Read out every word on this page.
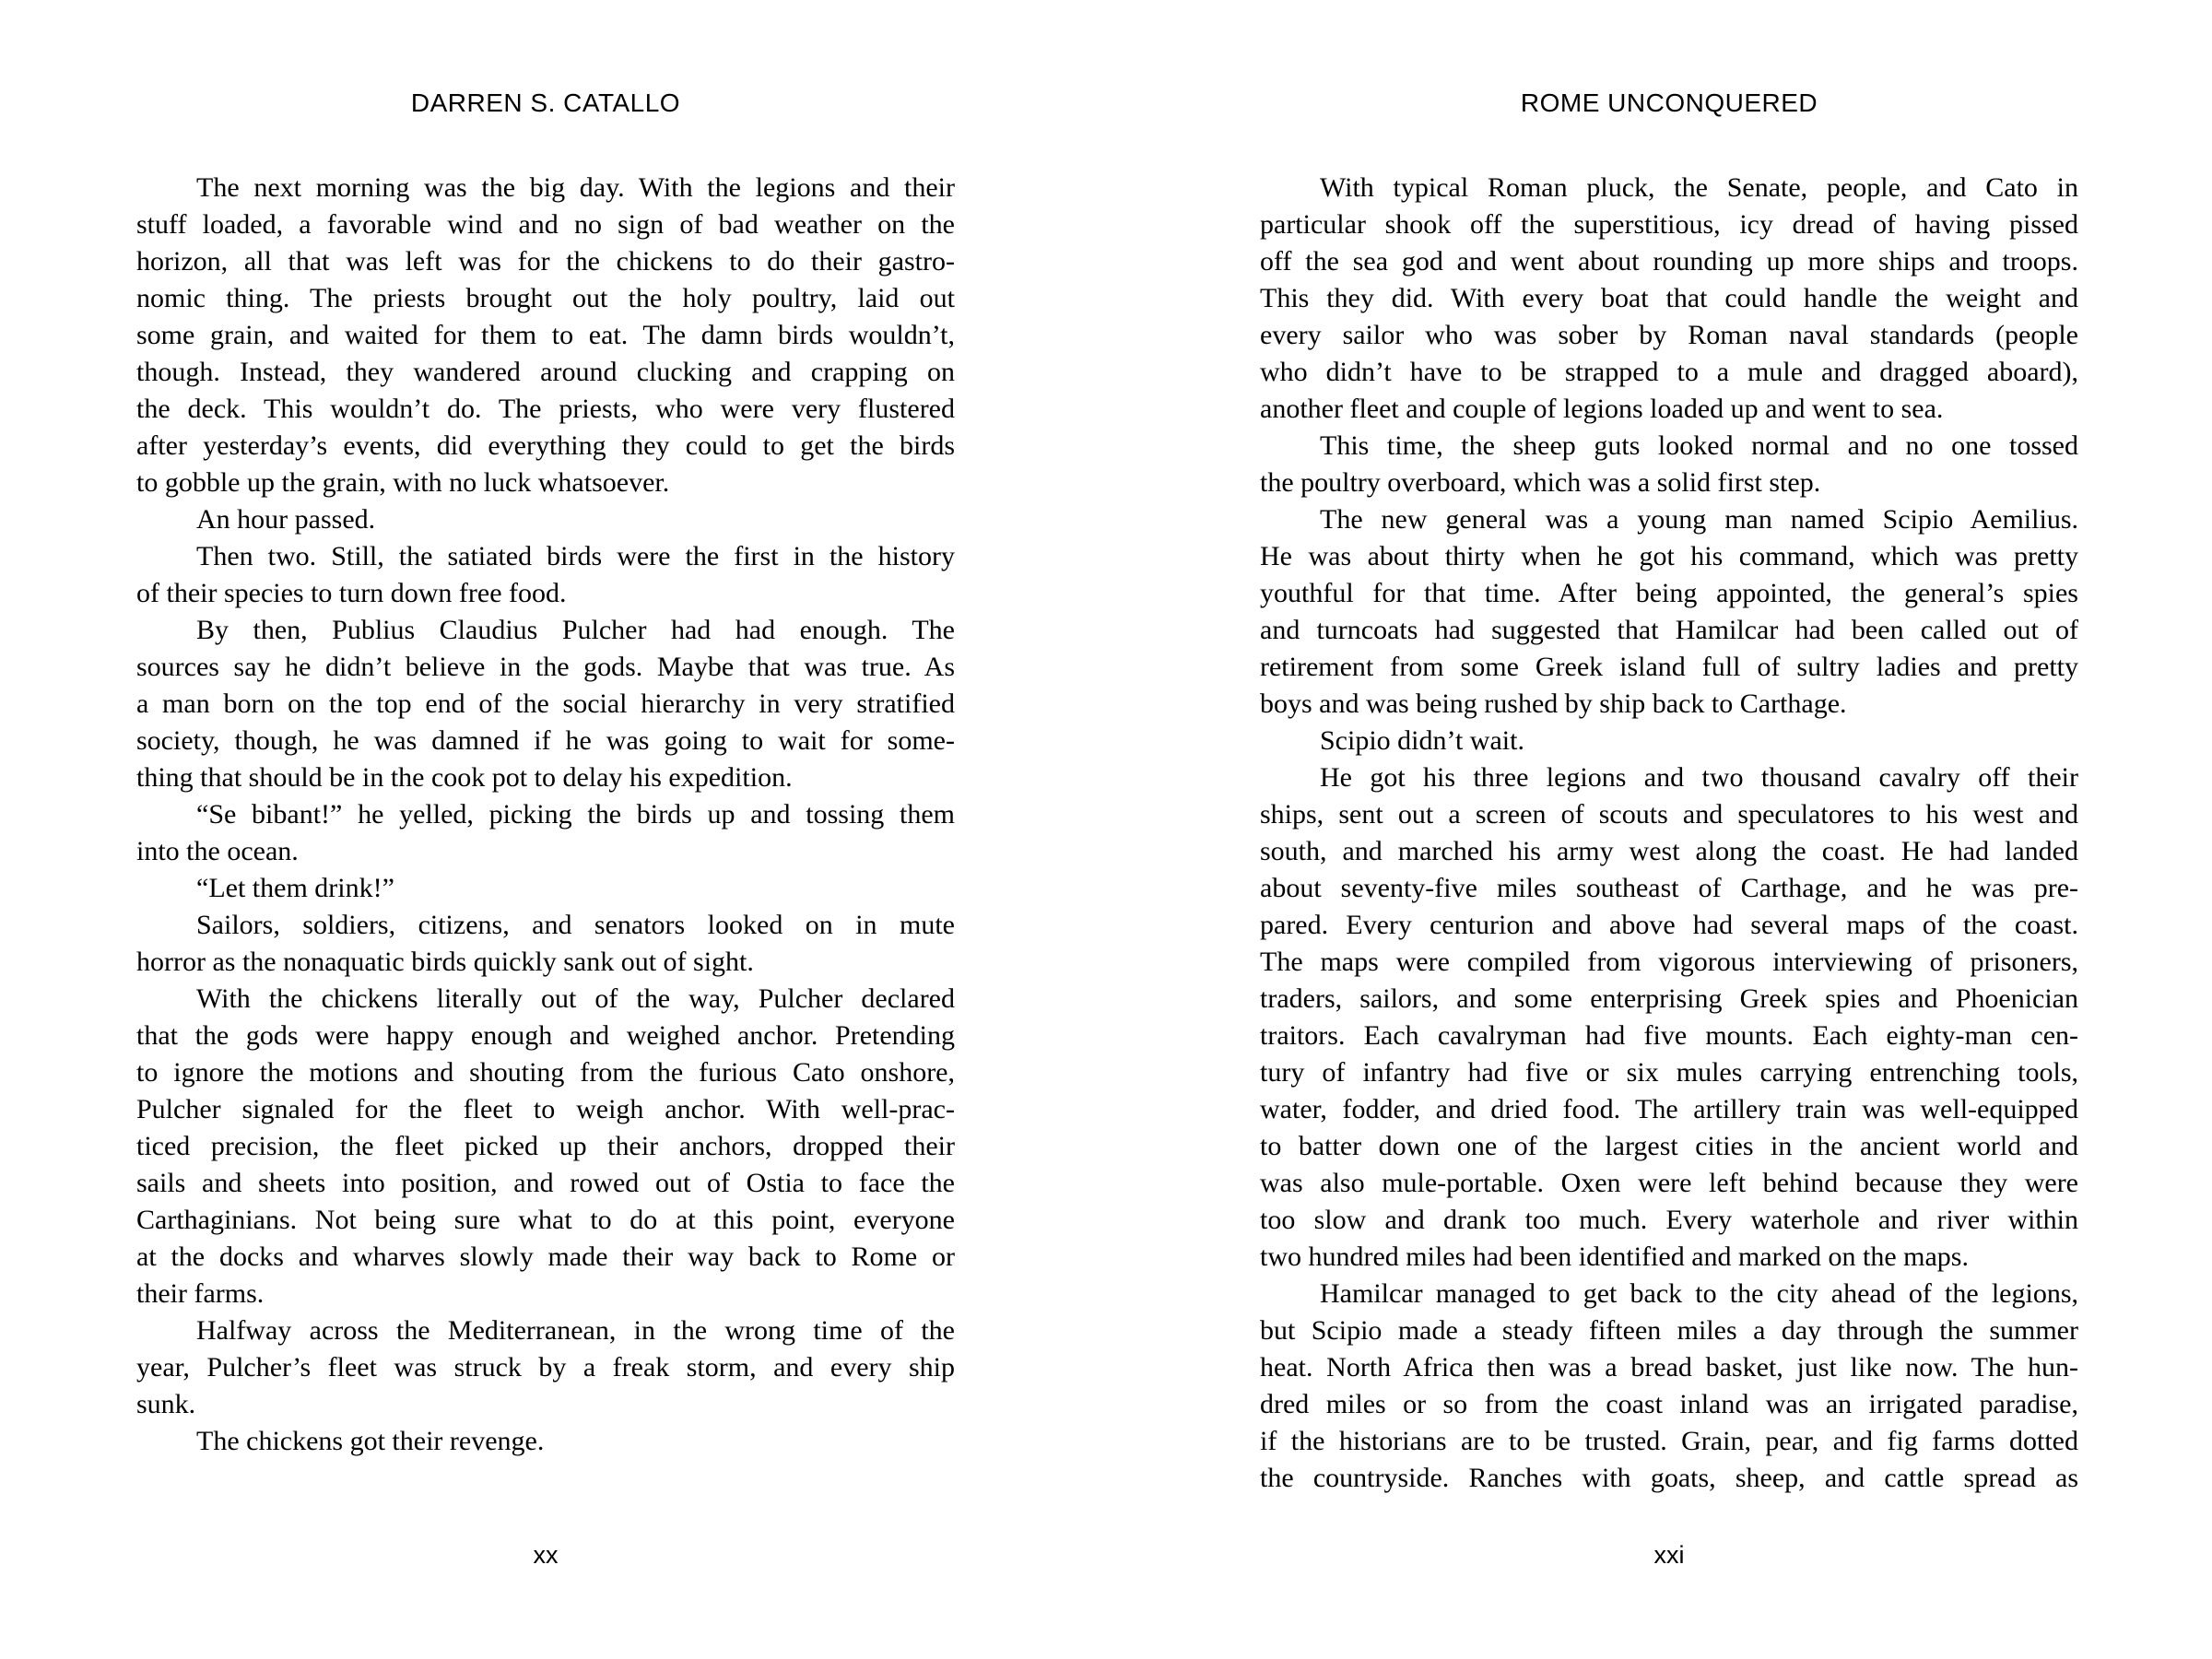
DARREN S. CATALLO
The next morning was the big day. With the legions and their
stuff loaded, a favorable wind and no sign of bad weather on the
horizon, all that was left was for the chickens to do their gastro-
nomic thing. The priests brought out the holy poultry, laid out
some grain, and waited for them to eat. The damn birds wouldn’t,
though. Instead, they wandered around clucking and crapping on
the deck. This wouldn’t do. The priests, who were very flustered
after yesterday’s events, did everything they could to get the birds
to gobble up the grain, with no luck whatsoever.
An hour passed.
Then two. Still, the satiated birds were the first in the history
of their species to turn down free food.
By then, Publius Claudius Pulcher had had enough. The
sources say he didn’t believe in the gods. Maybe that was true. As
a man born on the top end of the social hierarchy in very stratified
society, though, he was damned if he was going to wait for some-
thing that should be in the cook pot to delay his expedition.
“Se bibant!” he yelled, picking the birds up and tossing them
into the ocean.
“Let them drink!”
Sailors, soldiers, citizens, and senators looked on in mute
horror as the nonaquatic birds quickly sank out of sight.
With the chickens literally out of the way, Pulcher declared
that the gods were happy enough and weighed anchor. Pretending
to ignore the motions and shouting from the furious Cato onshore,
Pulcher signaled for the fleet to weigh anchor. With well-prac-
ticed precision, the fleet picked up their anchors, dropped their
sails and sheets into position, and rowed out of Ostia to face the
Carthaginians. Not being sure what to do at this point, everyone
at the docks and wharves slowly made their way back to Rome or
their farms.
Halfway across the Mediterranean, in the wrong time of the
year, Pulcher’s fleet was struck by a freak storm, and every ship
sunk.
The chickens got their revenge.
xx
ROME UNCONQUERED
With typical Roman pluck, the Senate, people, and Cato in
particular shook off the superstitious, icy dread of having pissed
off the sea god and went about rounding up more ships and troops.
This they did. With every boat that could handle the weight and
every sailor who was sober by Roman naval standards (people
who didn’t have to be strapped to a mule and dragged aboard),
another fleet and couple of legions loaded up and went to sea.
This time, the sheep guts looked normal and no one tossed
the poultry overboard, which was a solid first step.
The new general was a young man named Scipio Aemilius.
He was about thirty when he got his command, which was pretty
youthful for that time. After being appointed, the general’s spies
and turncoats had suggested that Hamilcar had been called out of
retirement from some Greek island full of sultry ladies and pretty
boys and was being rushed by ship back to Carthage.
Scipio didn’t wait.
He got his three legions and two thousand cavalry off their
ships, sent out a screen of scouts and speculatores to his west and
south, and marched his army west along the coast. He had landed
about seventy-five miles southeast of Carthage, and he was pre-
pared. Every centurion and above had several maps of the coast.
The maps were compiled from vigorous interviewing of prisoners,
traders, sailors, and some enterprising Greek spies and Phoenician
traitors. Each cavalryman had five mounts. Each eighty-man cen-
tury of infantry had five or six mules carrying entrenching tools,
water, fodder, and dried food. The artillery train was well-equipped
to batter down one of the largest cities in the ancient world and
was also mule-portable. Oxen were left behind because they were
too slow and drank too much. Every waterhole and river within
two hundred miles had been identified and marked on the maps.
Hamilcar managed to get back to the city ahead of the legions,
but Scipio made a steady fifteen miles a day through the summer
heat. North Africa then was a bread basket, just like now. The hun-
dred miles or so from the coast inland was an irrigated paradise,
if the historians are to be trusted. Grain, pear, and fig farms dotted
the countryside. Ranches with goats, sheep, and cattle spread as
xxi
